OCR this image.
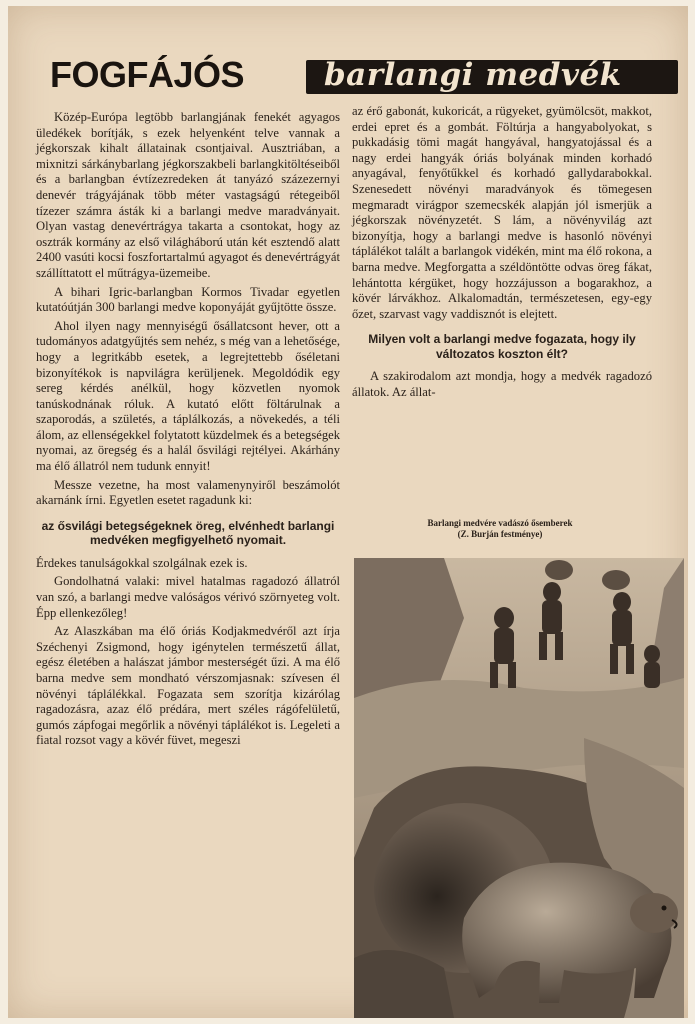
FOGFÁJÓS	barlangi medvék

Közép-Európa legtöbb barlangjának fenekét agyagos üledékek borítják, s ezek helyenként telve vannak a jégkorszak kihalt állatainak csontjaival. Ausztriában, a mixnitzi sárkánybarlang jégkorszakbeli barlangkitöltéseiből és a barlangban évtízezredeken át tanyázó százezernyi denevér trágyájának több méter vastagságú rétegeiből tízezer számra ásták ki a barlangi medve maradványait. Olyan vastag denevértrágya takarta a csontokat, hogy az osztrák kormány az első világháború után két esztendő alatt 2400 vasúti kocsi foszfortartalmú agyagot és denevértrágyát szállíttatott el műtrágya-üzemeibe.

A bihari Igric-barlangban Kormos Tivadar egyetlen kutatóútján 300 barlangi medve koponyáját gyűjtötte össze.

Ahol ilyen nagy mennyiségű ősállatcsont hever, ott a tudományos adatgyűjtés sem nehéz, s még van a lehetősége, hogy a legritkább esetek, a legrejtettebb őséletani bizonyítékok is napvilágra kerüljenek. Megoldódik egy sereg kérdés anélkül, hogy közvetlen nyomok tanúskodnának róluk. A kutató előtt föltárulnak a szaporodás, a születés, a táplálkozás, a növekedés, a téli álom, az ellenségekkel folytatott küzdelmek és a betegségek nyomai, az öregség és a halál ősvilági rejtélyei. Akárhány ma élő állatról nem tudunk ennyit!

Messze vezetne, ha most valamenynyiről beszámolót akarnánk írni. Egyetlen esetet ragadunk ki:

az ősvilági betegségeknek öreg, elvénhedt barlangi medvéken megfigyelhető nyomait.

Érdekes tanulságokkal szolgálnak ezek is.

Gondolhatná valaki: mivel hatalmas ragadozó állatról van szó, a barlangi medve valóságos vérivó szörnyeteg volt. Épp ellenkezőleg!

Az Alaszkában ma élő óriás Kodjakmedvéről azt írja Széchenyi Zsigmond, hogy igénytelen természetű állat, egész életében a halászat jámbor mesterségét űzi. A ma élő barna medve sem mondható vérszomjasnak: szívesen él növényi táplálékkal. Fogazata sem szorítja kizárólag ragadozásra, azaz élő prédára, mert széles rágófelületű, gumós zápfogai megőrlik a növényi táplálékot is. Legeleti a fiatal rozsot vagy a kövér füvet, megeszi

az érő gabonát, kukoricát, a rügyeket, gyümölcsöt, makkot, erdei epret és a gombát. Föltúrja a hangyabolyokat, s pukkadásig tömi magát hangyával, hangyatojással és a nagy erdei hangyák óriás bolyának minden korhadó anyagával, fenyőtűkkel és korhadó gallydarabokkal. Szenesedett növényi maradványok és tömegesen megmaradt virágpor szemecskék alapján jól ismerjük a jégkorszak növényzetét. S lám, a növényvilág azt bizonyítja, hogy a barlangi medve is hasonló növényi táplálékot talált a barlangok vidékén, mint ma élő rokona, a barna medve. Megforgatta a széldöntötte odvas öreg fákat, lehántotta kérgüket, hogy hozzájusson a bogarakhoz, a kövér lárvákhoz. Alkalomadtán, természetesen, egy-egy őzet, szarvast vagy vaddisznót is elejtett.

Milyen volt a barlangi medve fogazata, hogy ily változatos koszton élt?

A szakirodalom azt mondja, hogy a medvék ragadozó állatok. Az állat-

Barlangi medvére vadászó ősemberek
(Z. Burján festménye)
